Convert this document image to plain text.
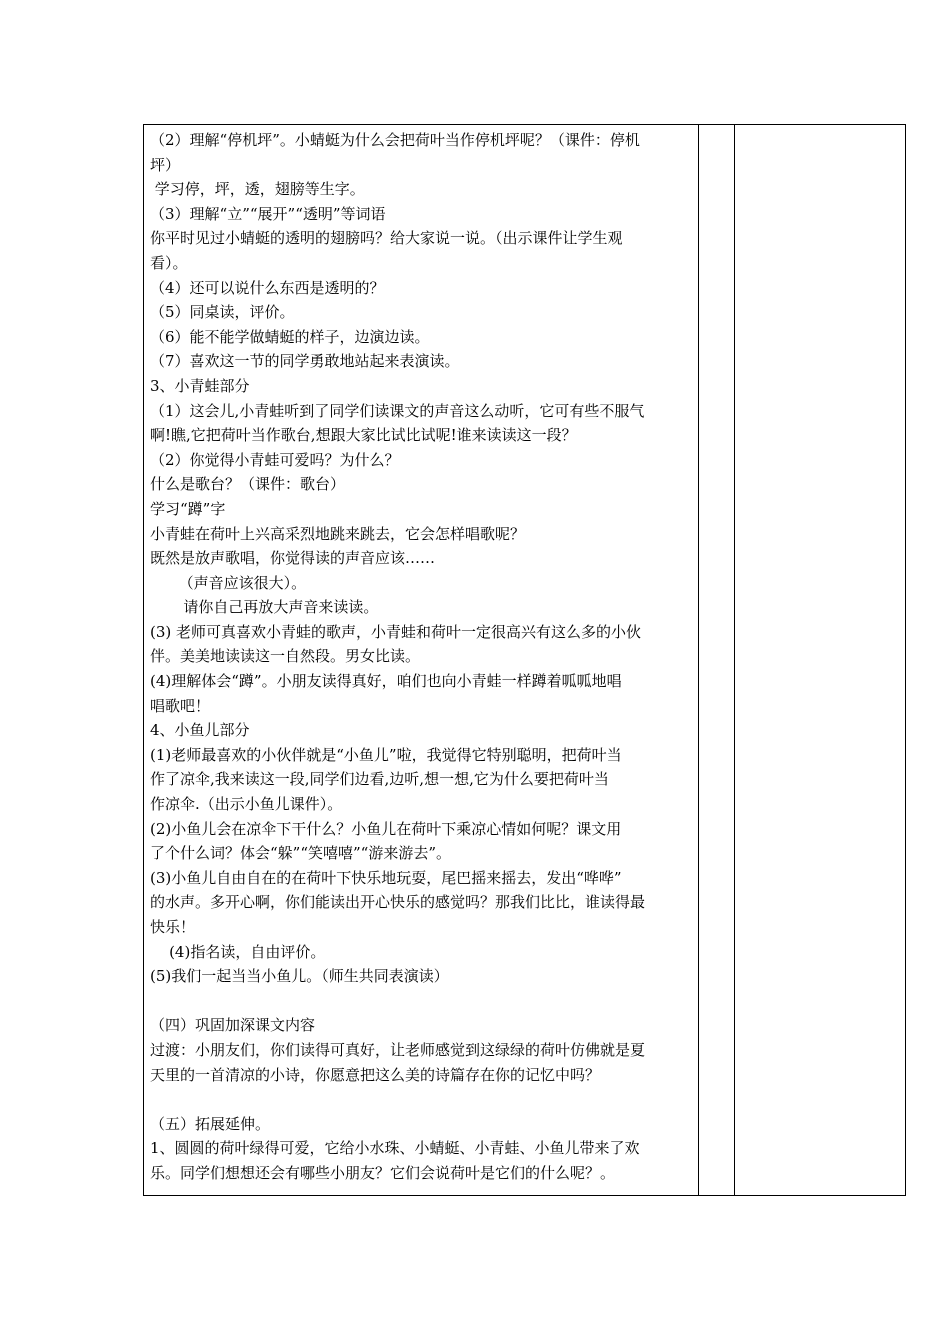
（2）理解“停机坪”。小蜻蜓为什么会把荷叶当作停机坪呢？（课件：停机
坪）
学习停，坪，透，翅膀等生字。
（3）理解“立”“展开”“透明”等词语
你平时见过小蜻蜓的透明的翅膀吗？给大家说一说。（出示课件让学生观
看）。
（4）还可以说什么东西是透明的？
（5）同桌读，评价。
（6）能不能学做蜻蜓的样子，边演边读。
（7）喜欢这一节的同学勇敢地站起来表演读。
3、小青蛙部分
（1）这会儿,小青蛙听到了同学们读课文的声音这么动听，它可有些不服气
啊!瞧,它把荷叶当作歌台,想跟大家比试比试呢!谁来读读这一段？
（2）你觉得小青蛙可爱吗？为什么？
什么是歌台？（课件：歌台）
学习“蹲”字
小青蛙在荷叶上兴高采烈地跳来跳去，它会怎样唱歌呢？
既然是放声歌唱，你觉得读的声音应该……
（声音应该很大）。
请你自己再放大声音来读读。
(3) 老师可真喜欢小青蛙的歌声，小青蛙和荷叶一定很高兴有这么多的小伙
伴。美美地读读这一自然段。男女比读。
(4)理解体会“蹲”。小朋友读得真好，咱们也向小青蛙一样蹲着呱呱地唱
唱歌吧！
4、小鱼儿部分
(1)老师最喜欢的小伙伴就是“小鱼儿”啦，我觉得它特别聪明，把荷叶当
作了凉伞,我来读这一段,同学们边看,边听,想一想,它为什么要把荷叶当
作凉伞.（出示小鱼儿课件）。
(2)小鱼儿会在凉伞下干什么？小鱼儿在荷叶下乘凉心情如何呢？课文用
了个什么词？体会“躲”“笑嘻嘻”“游来游去”。
(3)小鱼儿自由自在的在荷叶下快乐地玩耍，尾巴摇来摇去，发出“哗哗”
的水声。多开心啊，你们能读出开心快乐的感觉吗？那我们比比，谁读得最
快乐！
(4)指名读，自由评价。
(5)我们一起当当小鱼儿。（师生共同表演读）
（四）巩固加深课文内容
过渡：小朋友们，你们读得可真好，让老师感觉到这绿绿的荷叶仿佛就是夏
天里的一首清凉的小诗，你愿意把这么美的诗篇存在你的记忆中吗？
（五）拓展延伸。
1、圆圆的荷叶绿得可爱，它给小水珠、小蜻蜓、小青蛙、小鱼儿带来了欢
乐。同学们想想还会有哪些小朋友？它们会说荷叶是它们的什么呢？。
